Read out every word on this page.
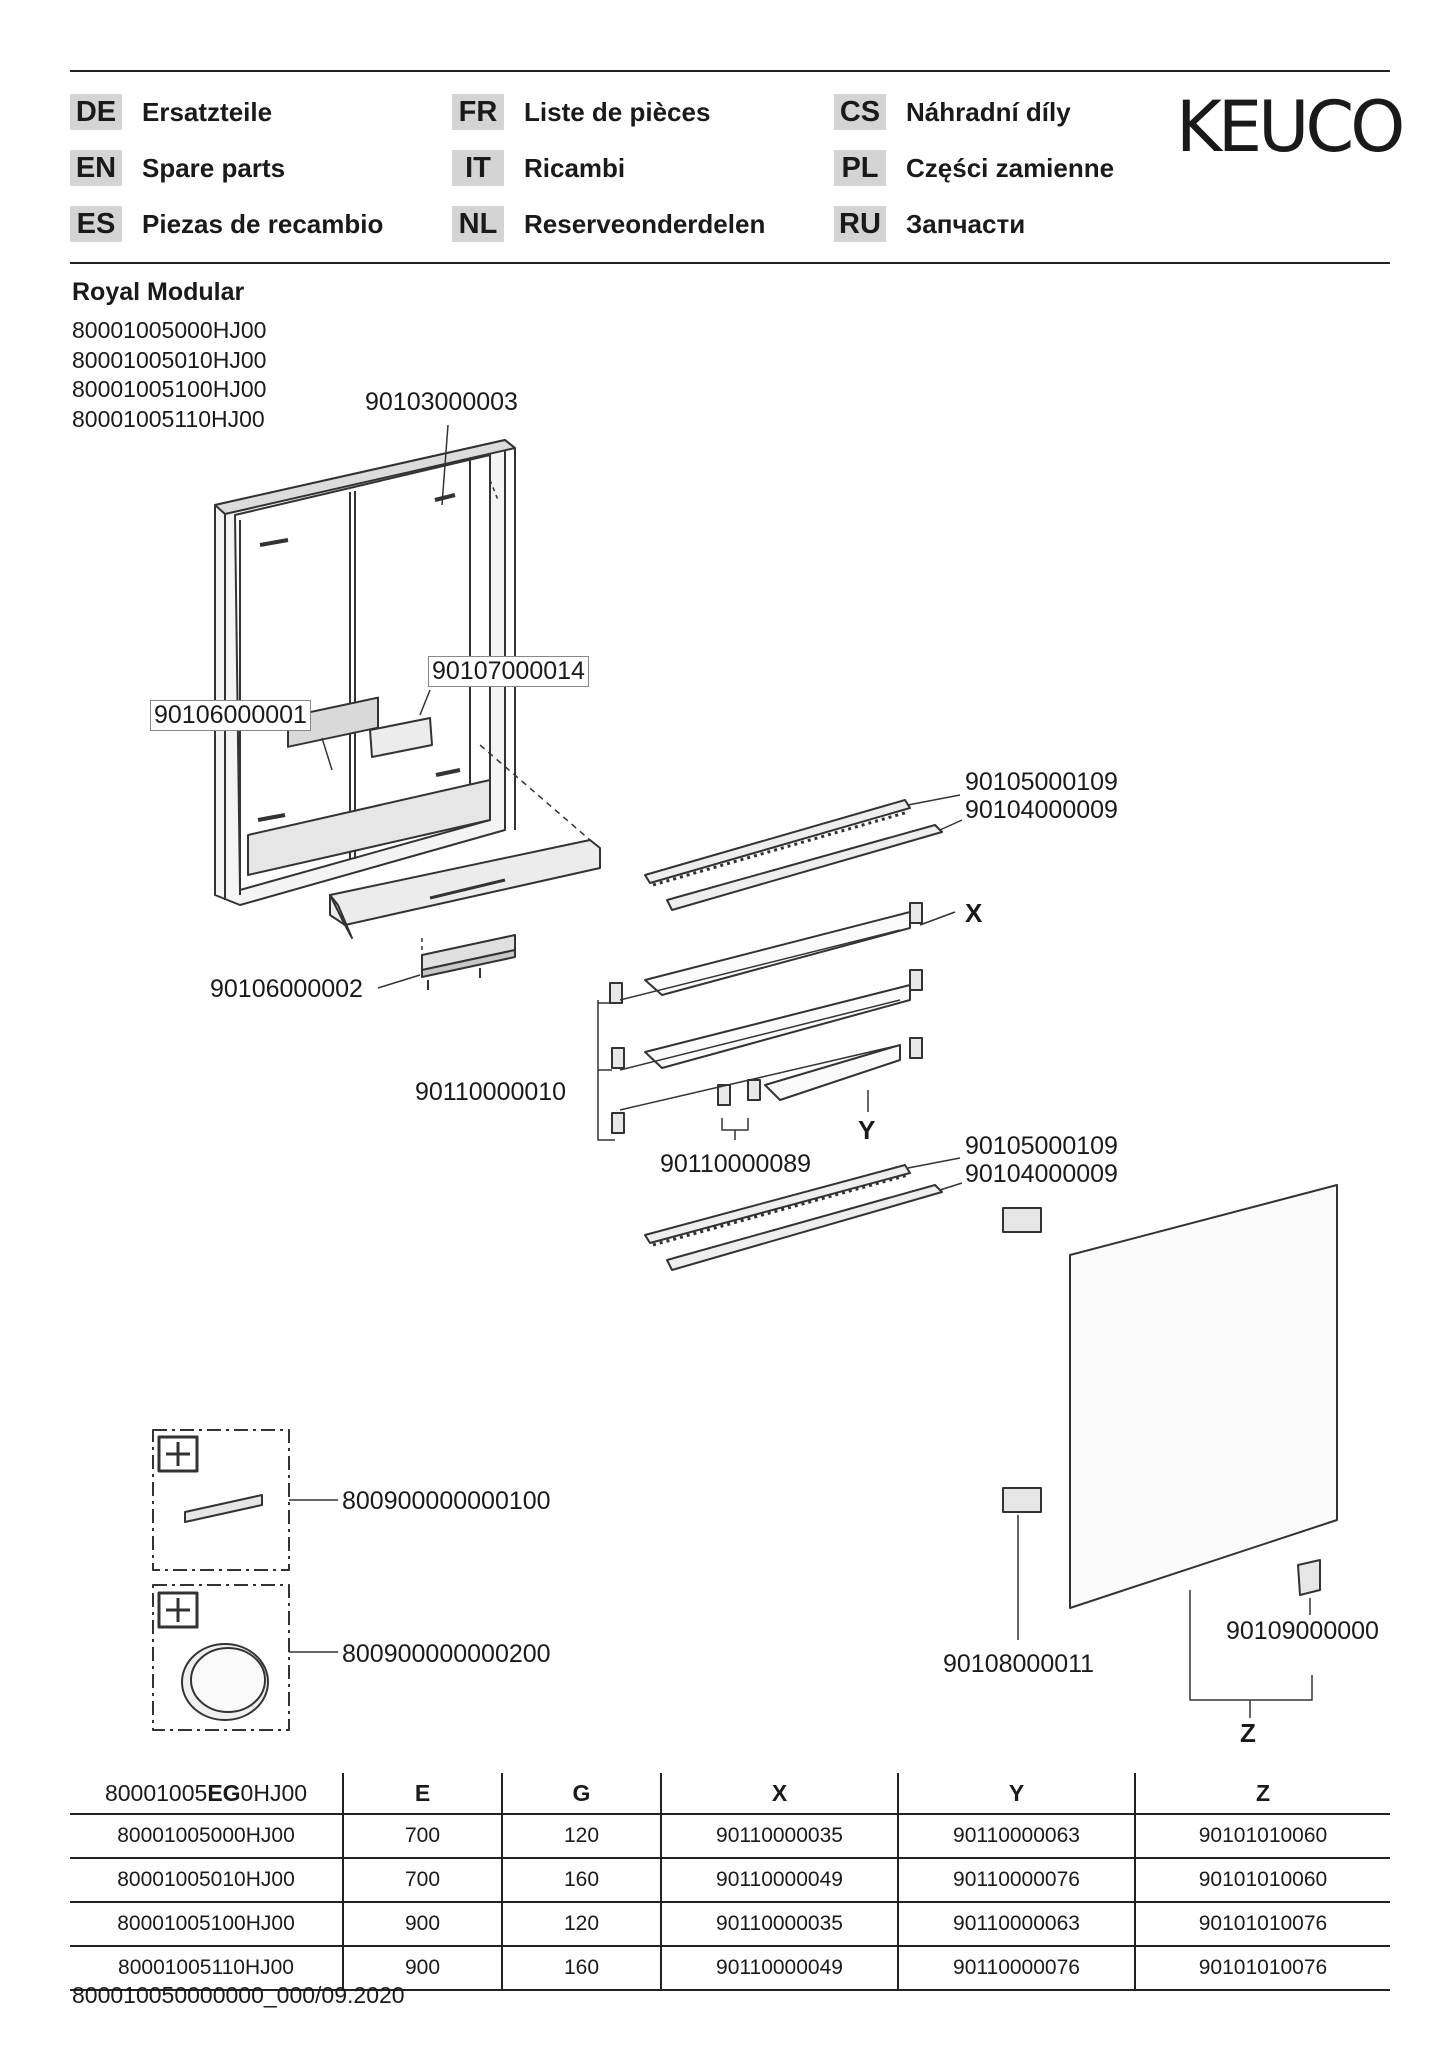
DE Ersatzteile
EN Spare parts
ES Piezas de recambio
FR Liste de pièces
IT	Ricambi
NL Reserveonderdelen
CS Náhradní díly
PL Części zamienne
RU Запчасти
KEUCO
Royal Modular
80001005000HJ00
80001005010HJ00
80001005100HJ00
80001005110HJ00
90103000003
90107000014
90106000001
90105000109
90104000009
X
90106000002
90110000010
90110000089
Y
90105000109
90104000009
800900000000100
800900000000200
90109000000
90108000011
Z
80001005EG0HJ00	E	G	X	Y	Z
80001005000HJ00	700	120	90110000035	90110000063	90101010060
80001005010HJ00	700	160	90110000049	90110000076	90101010060
80001005100HJ00	900	120	90110000035	90110000063	90101010076
80001005110HJ00	900	160	90110000049	90110000076	90101010076
800010050000000_000/09.2020
